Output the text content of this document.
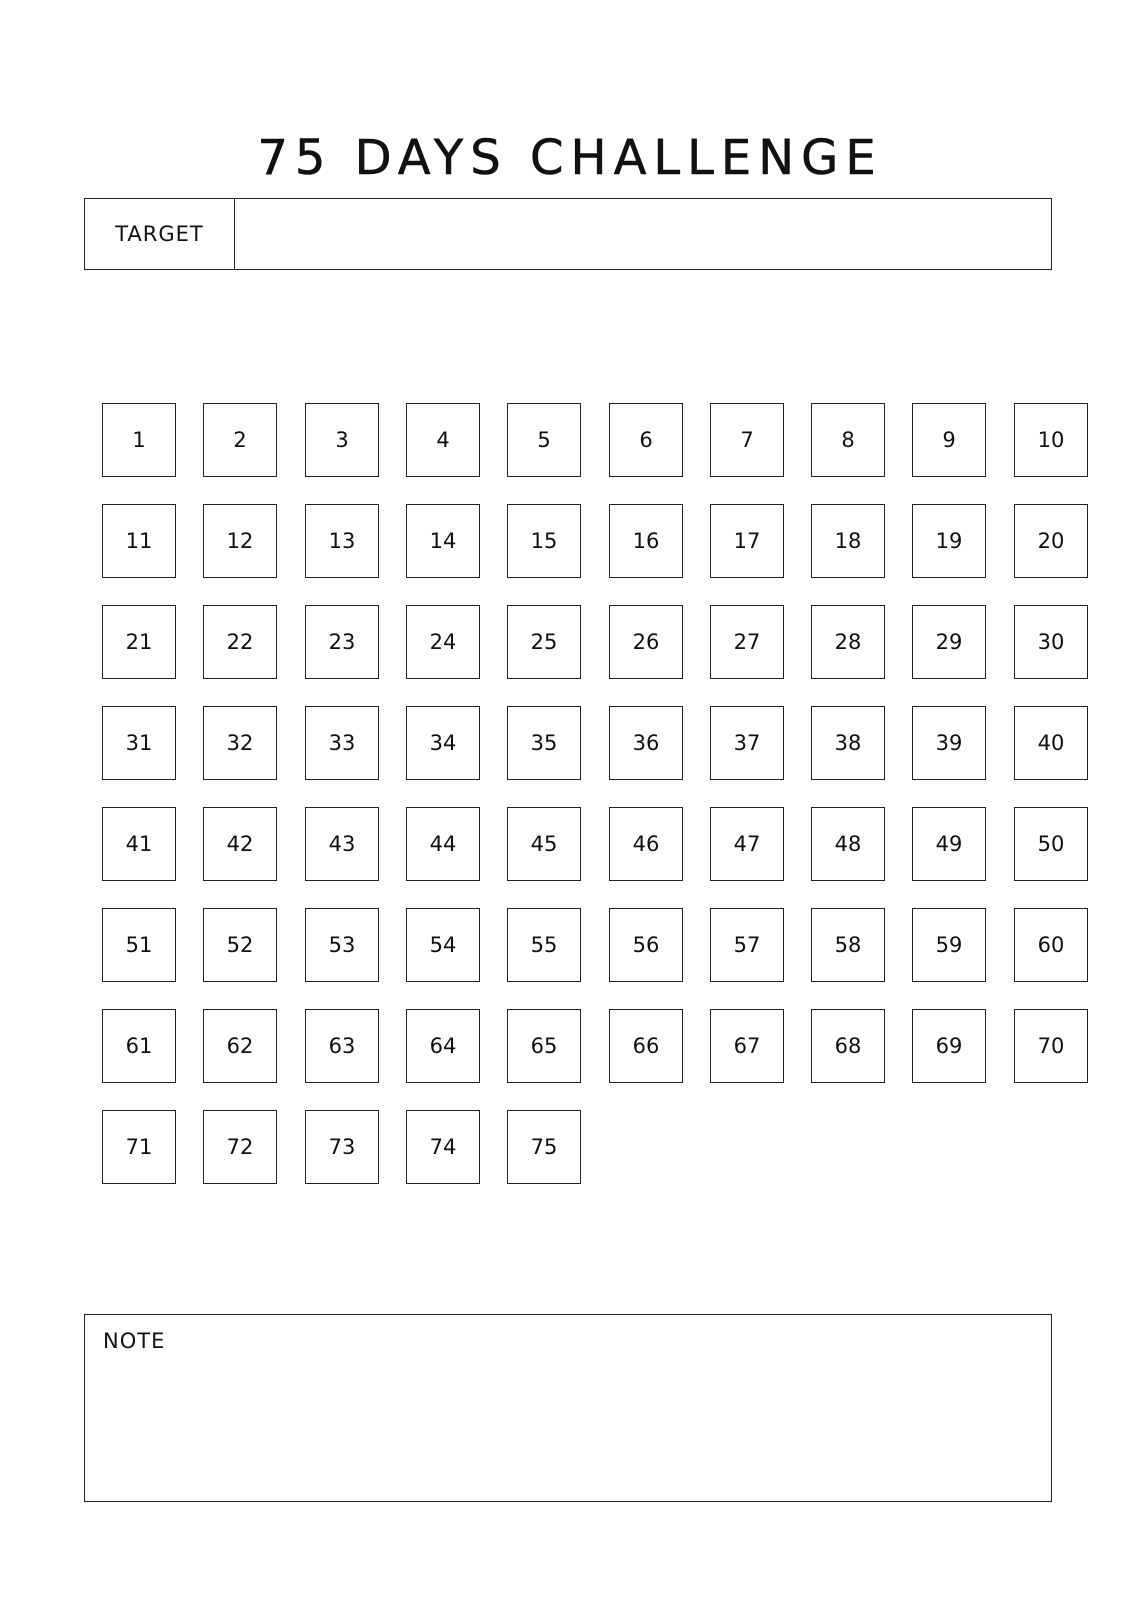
75 DAYS CHALLENGE
TARGET
1	2	3	4	5	6	7	8	9	10
11	12	13	14	15	16	17	18	19	20
21	22	23	24	25	26	27	28	29	30
31	32	33	34	35	36	37	38	39	40
41	42	43	44	45	46	47	48	49	50
51	52	53	54	55	56	57	58	59	60
61	62	63	64	65	66	67	68	69	70
71	72	73	74	75
NOTE
